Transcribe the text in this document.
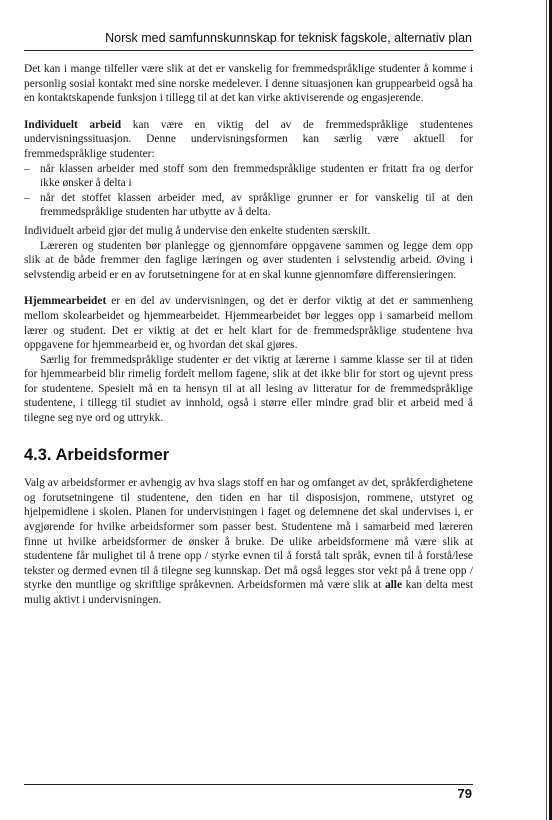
Norsk med samfunnskunnskap for teknisk fagskole, alternativ plan

Det kan i mange tilfeller være slik at det er vanskelig for fremmedspråklige studenter å komme i personlig sosial kontakt med sine norske medelever. I denne situasjonen kan gruppearbeid også ha en kontaktskapende funksjon i tillegg til at det kan virke aktiviserende og engasjerende.

Individuelt arbeid kan være en viktig del av de fremmedspråklige studentenes undervisningssituasjon. Denne undervisningsformen kan særlig være aktuell for fremmedspråklige studenter:

– når klassen arbeider med stoff som den fremmedspråklige studenten er fritatt fra og derfor ikke ønsker å delta i
– når det stoffet klassen arbeider med, av språklige grunner er for vanskelig til at den fremmedspråklige studenten har utbytte av å delta.

Individuelt arbeid gjør det mulig å undervise den enkelte studenten særskilt.

Læreren og studenten bør planlegge og gjennomføre oppgavene sammen og legge dem opp slik at de både fremmer den faglige læringen og øver studenten i selvstendig arbeid. Øving i selvstendig arbeid er en av forutsetningene for at en skal kunne gjennomføre differensieringen.

Hjemmearbeidet er en del av undervisningen, og det er derfor viktig at det er sammenheng mellom skolearbeidet og hjemmearbeidet. Hjemmearbeidet bør legges opp i samarbeid mellom lærer og student. Det er viktig at det er helt klart for de fremmedspråklige studentene hva oppgavene for hjemmearbeid er, og hvordan det skal gjøres.

Særlig for fremmedspråklige studenter er det viktig at lærerne i samme klasse ser til at tiden for hjemmearbeid blir rimelig fordelt mellom fagene, slik at det ikke blir for stort og ujevnt press for studentene. Spesielt må en ta hensyn til at all lesing av litteratur for de fremmedspråklige studentene, i tillegg til studiet av innhold, også i større eller mindre grad blir et arbeid med å tilegne seg nye ord og uttrykk.

4.3. Arbeidsformer

Valg av arbeidsformer er avhengig av hva slags stoff en har og omfanget av det, språkferdighetene og forutsetningene til studentene, den tiden en har til disposisjon, rommene, utstyret og hjelpemidlene i skolen. Planen for undervisningen i faget og delemnene det skal undervises i, er avgjørende for hvilke arbeidsformer som passer best. Studentene må i samarbeid med læreren finne ut hvilke arbeidsformer de ønsker å bruke. De ulike arbeidsformene må være slik at studentene får mulighet til å trene opp / styrke evnen til å forstå talt språk, evnen til å forstå/lese tekster og dermed evnen til å tilegne seg kunnskap. Det må også legges stor vekt på å trene opp / styrke den muntlige og skriftlige språkevnen. Arbeidsformen må være slik at alle kan delta mest mulig aktivt i undervisningen.

79
